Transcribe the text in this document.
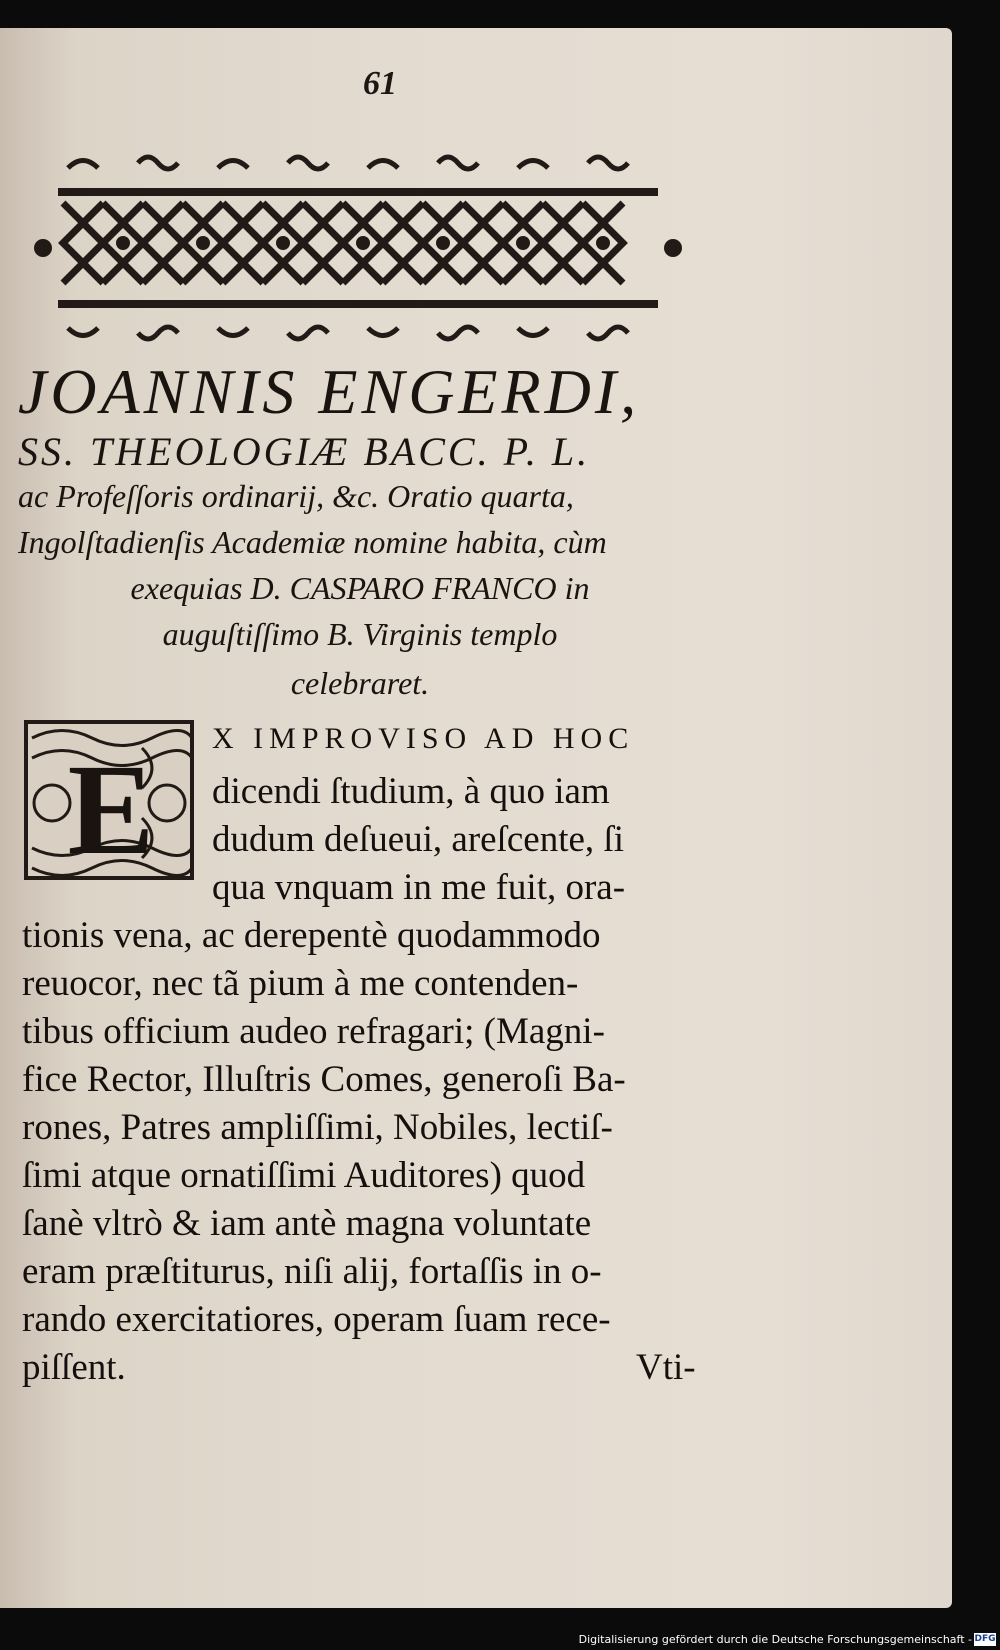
61
JOANNIS ENGERDI,
SS. THEOLOGIÆ BACC. P. L.
ac Profeſſoris ordinarij, &c. Oratio quarta,
Ingolſtadienſis Academiæ nomine habita, cùm
exequias D. CASPARO FRANCO in
auguſtiſſimo B. Virginis templo
celebraret.
E X IMPROVISO AD HOC
dicendi ſtudium, à quo iam
dudum deſueui, areſcente, ſi
qua vnquam in me fuit, ora-
tionis vena, ac derepentè quodammodo
reuocor, nec tã pium à me contenden-
tibus officium audeo refragari; (Magni-
fice Rector, Illuſtris Comes, generoſi Ba-
rones, Patres ampliſſimi, Nobiles, lectiſ-
ſimi atque ornatiſſimi Auditores) quod
ſanè vltrò & iam antè magna voluntate
eram præſtiturus, niſi alij, fortaſſis in o-
rando exercitatiores, operam ſuam rece-
piſſent.	Vti-
Digitalisierung gefördert durch die Deutsche Forschungsgemeinschaft - DFG
